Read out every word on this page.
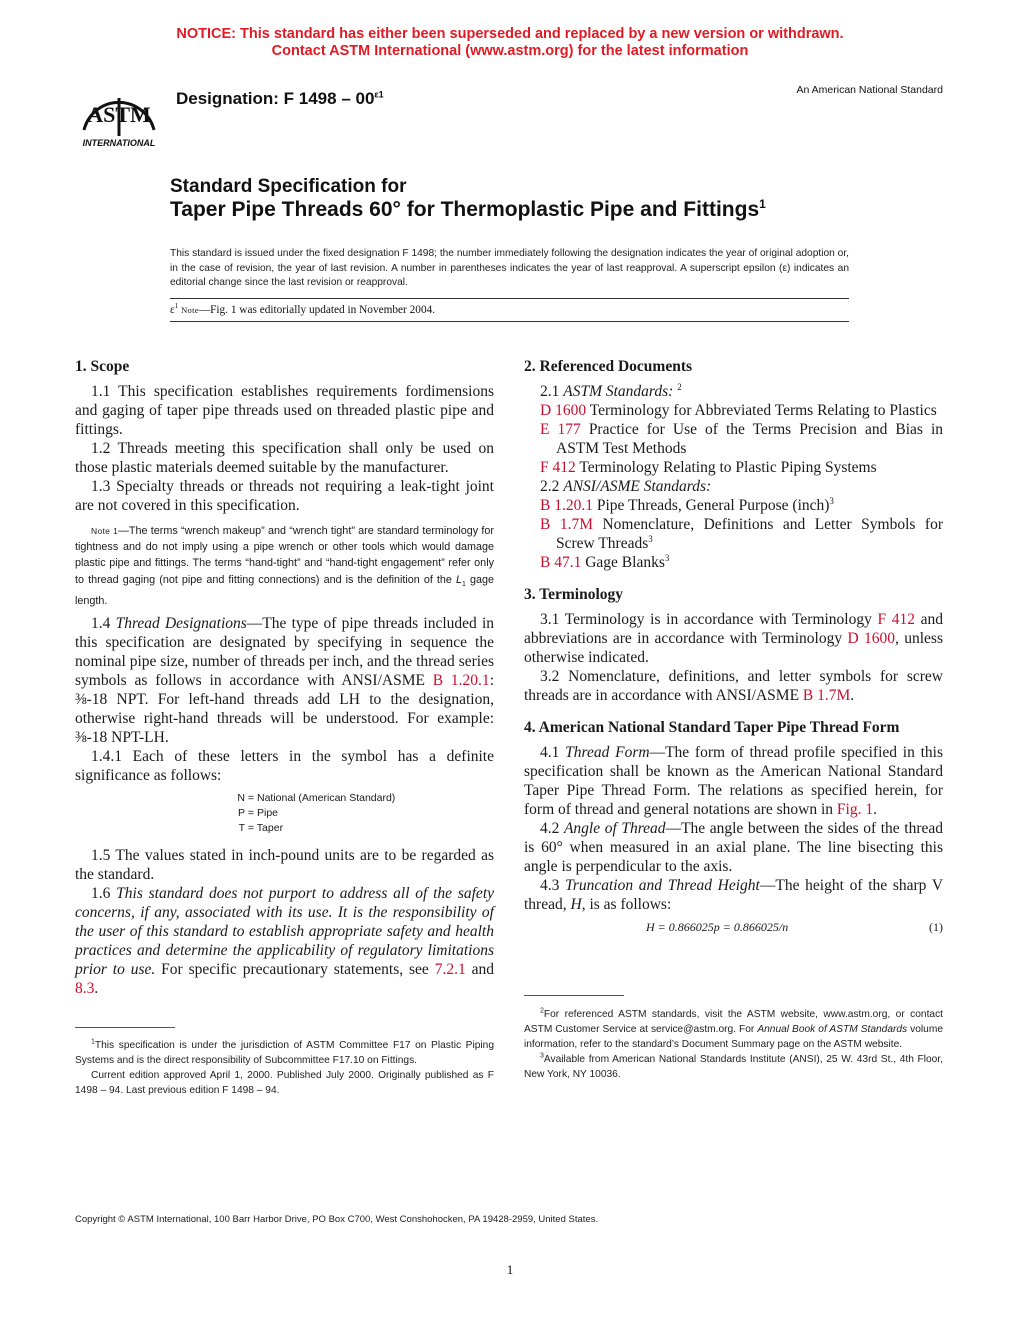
NOTICE: This standard has either been superseded and replaced by a new version or withdrawn.
Contact ASTM International (www.astm.org) for the latest information
ASTM
INTERNATIONAL
Designation: F $1498 - 00^{\varepsilon 1}$	An American National Standard
Standard Specification for
Taper Pipe Threads 60° for Thermoplastic Pipe and Fittings$^1$
This standard is issued under the fixed designation F 1498; the number immediately following the designation indicates the year of original adoption or, in the case of revision, the year of last revision. A number in parentheses indicates the year of last reapproval. A superscript epsilon (ε) indicates an editorial change since the last revision or reapproval.
$\varepsilon^1$ Note—Fig. 1 was editorially updated in November 2004.
1. Scope

1.1 This specification establishes requirements fordimensions and gaging of taper pipe threads used on threaded plastic pipe and fittings.

1.2 Threads meeting this specification shall only be used on those plastic materials deemed suitable by the manufacturer.

1.3 Specialty threads or threads not requiring a leak-tight joint are not covered in this specification.

Note 1—The terms “wrench makeup” and “wrench tight” are standard terminology for tightness and do not imply using a pipe wrench or other tools which would damage plastic pipe and fittings. The terms “hand-tight” and “hand-tight engagement” refer only to thread gaging (not pipe and fitting connections) and is the definition of the $L_1$ gage length.

1.4 Thread Designations—The type of pipe threads included in this specification are designated by specifying in sequence the nominal pipe size, number of threads per inch, and the thread series symbols as follows in accordance with ANSI/ASME B 1.20.1: ⅜-18 NPT. For left-hand threads add LH to the designation, otherwise right-hand threads will be understood. For example: ⅜-18 NPT-LH.

1.4.1 Each of these letters in the symbol has a definite significance as follows:

N = National (American Standard)
P = Pipe
T = Taper

1.5 The values stated in inch-pound units are to be regarded as the standard.

1.6 This standard does not purport to address all of the safety concerns, if any, associated with its use. It is the responsibility of the user of this standard to establish appropriate safety and health practices and determine the applicability of regulatory limitations prior to use. For specific precautionary statements, see 7.2.1 and 8.3.

$^1$This specification is under the jurisdiction of ASTM Committee F17 on Plastic Piping Systems and is the direct responsibility of Subcommittee F17.10 on Fittings.

Current edition approved April 1, 2000. Published July 2000. Originally published as F 1498 – 94. Last previous edition F 1498 – 94.

2. Referenced Documents

2.1 ASTM Standards: $^2$

D 1600 Terminology for Abbreviated Terms Relating to Plastics

E 177 Practice for Use of the Terms Precision and Bias in ASTM Test Methods

F 412 Terminology Relating to Plastic Piping Systems

2.2 ANSI/ASME Standards:

B 1.20.1 Pipe Threads, General Purpose (inch)$^3$

B 1.7M Nomenclature, Definitions and Letter Symbols for Screw Threads$^3$

B 47.1 Gage Blanks$^3$

3. Terminology

3.1 Terminology is in accordance with Terminology F 412 and abbreviations are in accordance with Terminology D 1600, unless otherwise indicated.

3.2 Nomenclature, definitions, and letter symbols for screw threads are in accordance with ANSI/ASME B 1.7M.

4. American National Standard Taper Pipe Thread Form

4.1 Thread Form—The form of thread profile specified in this specification shall be known as the American National Standard Taper Pipe Thread Form. The relations as specified herein, for form of thread and general notations are shown in Fig. 1.

4.2 Angle of Thread—The angle between the sides of the thread is 60° when measured in an axial plane. The line bisecting this angle is perpendicular to the axis.

4.3 Truncation and Thread Height—The height of the sharp V thread, H, is as follows:

H = 0.866025p = 0.866025/n	(1)

$^2$For referenced ASTM standards, visit the ASTM website, www.astm.org, or contact ASTM Customer Service at service@astm.org. For Annual Book of ASTM Standards volume information, refer to the standard’s Document Summary page on the ASTM website.

$^3$Available from American National Standards Institute (ANSI), 25 W. 43rd St., 4th Floor, New York, NY 10036.

Copyright © ASTM International, 100 Barr Harbor Drive, PO Box C700, West Conshohocken, PA 19428-2959, United States.
1
